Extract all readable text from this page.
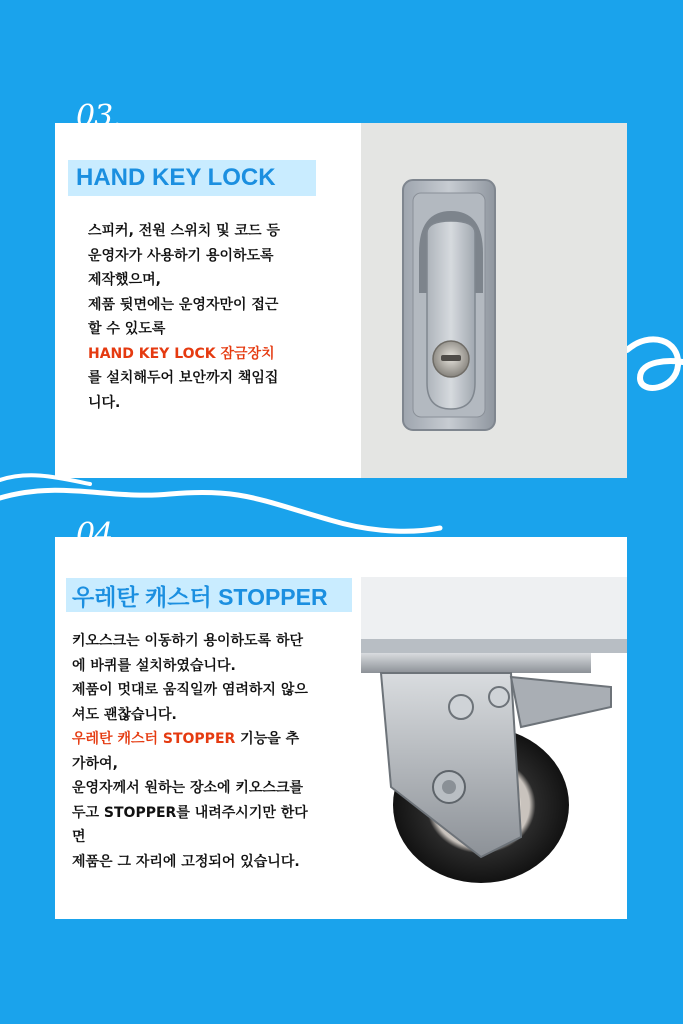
03.
HAND KEY LOCK
스피커, 전원 스위치 및 코드 등
운영자가 사용하기 용이하도록
제작했으며,
제품 뒷면에는 운영자만이 접근
할 수 있도록
HAND KEY LOCK 잠금장치
를 설치해두어 보안까지 책임집
니다.
04.
우레탄 캐스터 STOPPER
키오스크는 이동하기 용이하도록 하단
에 바퀴를 설치하였습니다.
제품이 멋대로 움직일까 염려하지 않으
셔도 괜찮습니다.
우레탄 캐스터 STOPPER 기능을 추
가하여,
운영자께서 원하는 장소에 키오스크를
두고 STOPPER를 내려주시기만 한다
면
제품은 그 자리에 고정되어 있습니다.
